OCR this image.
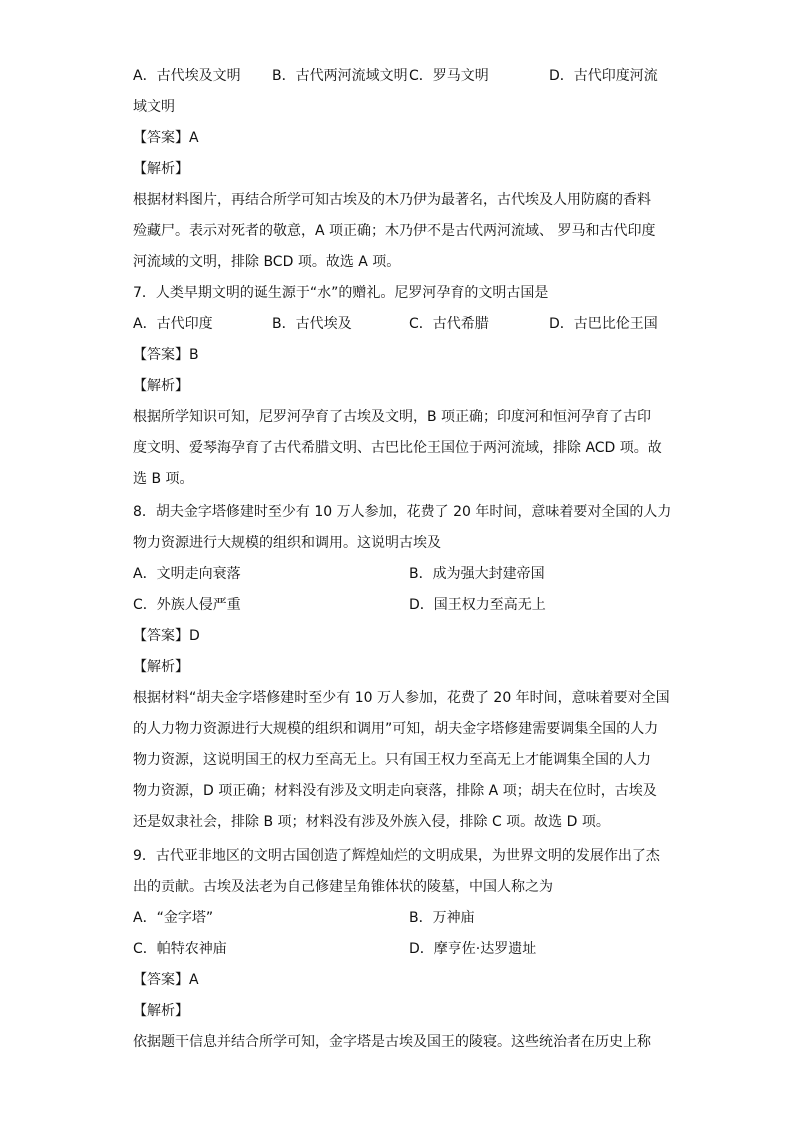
A．古代埃及文明 B．古代两河流域文明 C．罗马文明	D．古代印度河流
域文明
【答案】A
【解析】
根据材料图片，再结合所学可知古埃及的木乃伊为最著名，古代埃及人用防腐的香料
殓藏尸。表示对死者的敬意，A 项正确；木乃伊不是古代两河流域、 罗马和古代印度
河流域的文明，排除 BCD 项。故选 A 项。
7．人类早期文明的诞生源于“水”的赠礼。尼罗河孕育的文明古国是
A．古代印度	B．古代埃及	C．古代希腊	D．古巴比伦王国
【答案】B
【解析】
根据所学知识可知，尼罗河孕育了古埃及文明，B 项正确；印度河和恒河孕育了古印
度文明、爱琴海孕育了古代希腊文明、古巴比伦王国位于两河流域，排除 ACD 项。故
选 B 项。
8．胡夫金字塔修建时至少有 10 万人参加，花费了 20 年时间，意味着要对全国的人力
物力资源进行大规模的组织和调用。这说明古埃及
A．文明走向衰落	B．成为强大封建帝国
C．外族人侵严重	D．国王权力至高无上
【答案】D
【解析】
根据材料“胡夫金字塔修建时至少有 10 万人参加，花费了 20 年时间，意味着要对全国
的人力物力资源进行大规模的组织和调用”可知，胡夫金字塔修建需要调集全国的人力
物力资源，这说明国王的权力至高无上。只有国王权力至高无上才能调集全国的人力
物力资源，D 项正确；材料没有涉及文明走向衰落，排除 A 项；胡夫在位时，古埃及
还是奴隶社会，排除 B 项；材料没有涉及外族入侵，排除 C 项。故选 D 项。
9．古代亚非地区的文明古国创造了辉煌灿烂的文明成果，为世界文明的发展作出了杰
出的贡献。古埃及法老为自己修建呈角锥体状的陵墓，中国人称之为
A．“金字塔”	B．万神庙
C．帕特农神庙	D．摩亨佐·达罗遗址
【答案】A
【解析】
依据题干信息并结合所学可知，金字塔是古埃及国王的陵寝。这些统治者在历史上称
